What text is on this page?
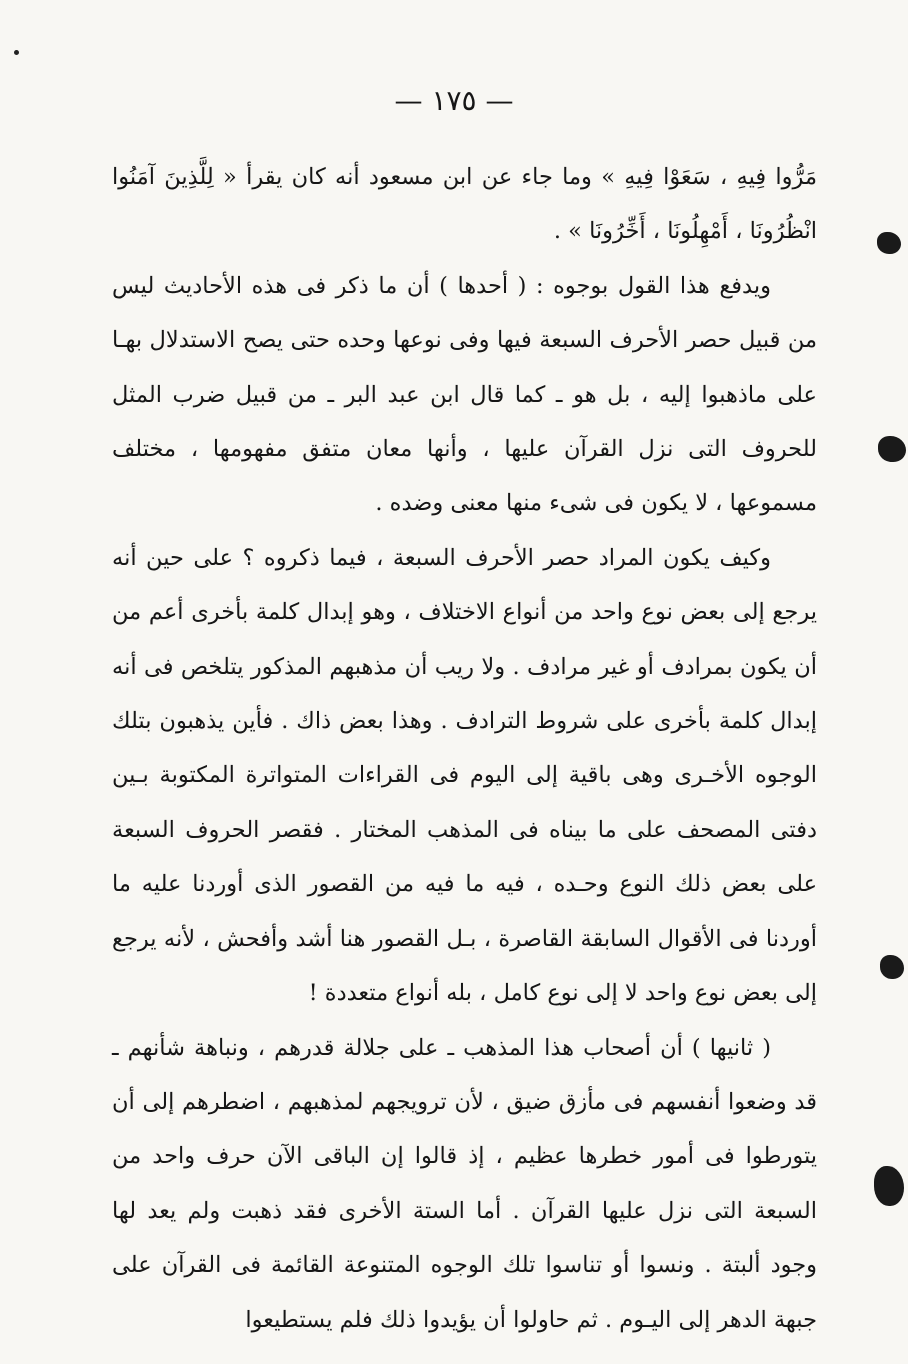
— ١٧٥ —

مَرُّوا فِيهِ ، سَعَوْا فِيهِ » وما جاء عن ابن مسعود أنه كان يقرأ « لِلَّذِينَ آمَنُوا انْظُرُونَا ، أَمْهِلُونَا ، أَخِّرُونَا » .

ويدفع هذا القول بوجوه : ( أحدها ) أن ما ذكر فى هذه الأحاديث ليس من قبيل حصر الأحرف السبعة فيها وفى نوعها وحده حتى يصح الاستدلال بهـا على ماذهبوا إليه ، بل هو ـ كما قال ابن عبد البر ـ من قبيل ضرب المثل للحروف التى نزل القرآن عليها ، وأنها معان متفق مفهومها ، مختلف مسموعها ، لا يكون فى شىء منها معنى وضده .

وكيف يكون المراد حصر الأحرف السبعة ، فيما ذكروه ؟ على حين أنه يرجع إلى بعض نوع واحد من أنواع الاختلاف ، وهو إبدال كلمة بأخرى أعم من أن يكون بمرادف أو غير مرادف . ولا ريب أن مذهبهم المذكور يتلخص فى أنه إبدال كلمة بأخرى على شروط الترادف . وهذا بعض ذاك . فأين يذهبون بتلك الوجوه الأخـرى وهى باقية إلى اليوم فى القراءات المتواترة المكتوبة بـين دفتى المصحف على ما بيناه فى المذهب المختار . فقصر الحروف السبعة على بعض ذلك النوع وحـده ، فيه ما فيه من القصور الذى أوردنا عليه ما أوردنا فى الأقوال السابقة القاصرة ، بـل القصور هنا أشد وأفحش ، لأنه يرجع إلى بعض نوع واحد لا إلى نوع كامل ، بله أنواع متعددة !

( ثانيها ) أن أصحاب هذا المذهب ـ على جلالة قدرهم ، ونباهة شأنهم ـ قد وضعوا أنفسهم فى مأزق ضيق ، لأن ترويجهم لمذهبهم ، اضطرهم إلى أن يتورطوا فى أمور خطرها عظيم ، إذ قالوا إن الباقى الآن حرف واحد من السبعة التى نزل عليها القرآن . أما الستة الأخرى فقد ذهبت ولم يعد لها وجود ألبتة . ونسوا أو تناسوا تلك الوجوه المتنوعة القائمة فى القرآن على جبهة الدهر إلى اليـوم . ثم حاولوا أن يؤيدوا ذلك فلم يستطيعوا
